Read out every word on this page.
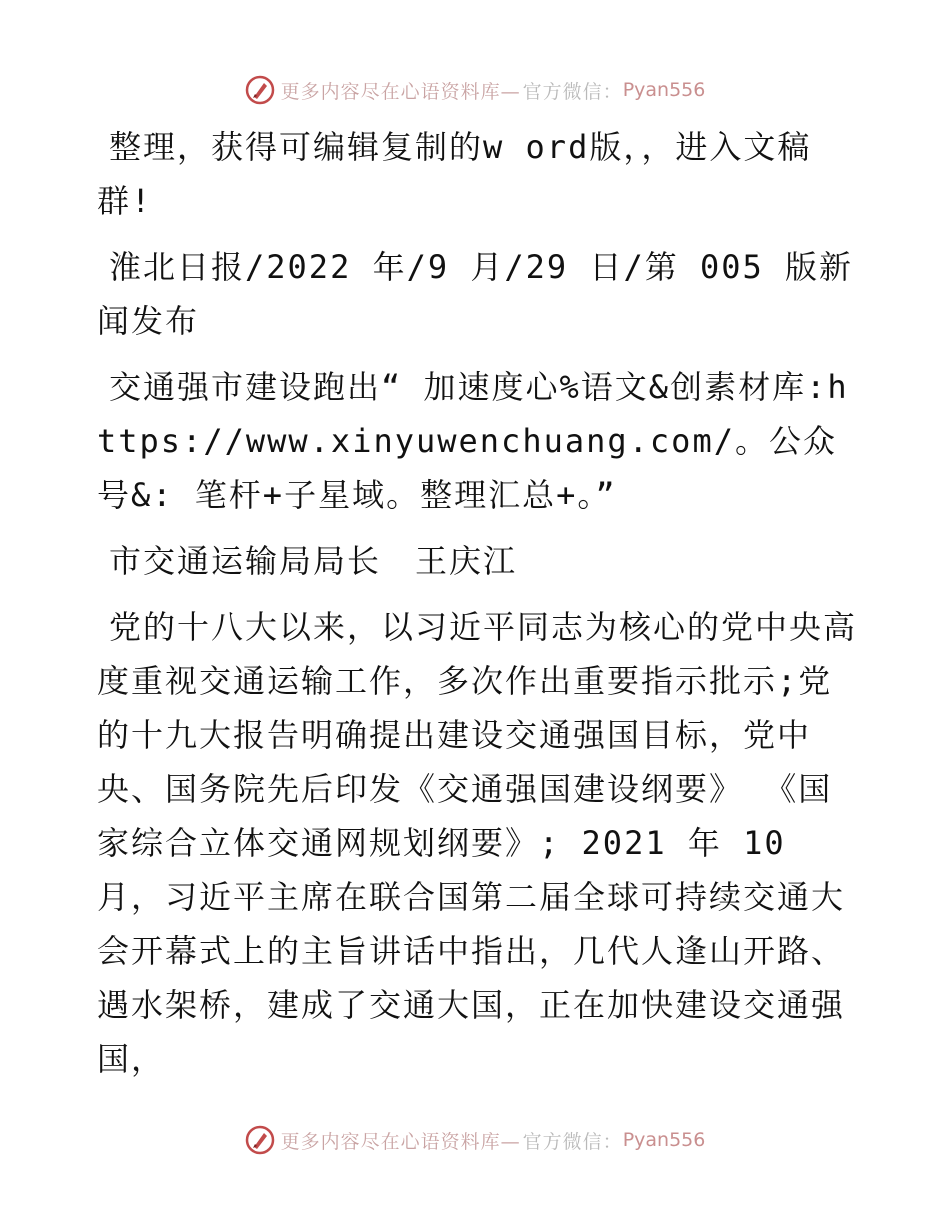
更多内容尽在心语资料库— 官方微信： Pyan556

整理，获得可编辑复制的w ord版，，进入文稿群!

淮北日报/2022 年/9 月/29 日/第 005 版新闻发布

交通强市建设跑出“ 加速度心%语文&创素材库:https://www.xinyuwenchuang.com/。公众号&: 笔杆+子星域。整理汇总+。”

市交通运输局局长　王庆江

党的十八大以来，以习近平同志为核心的党中央高度重视交通运输工作，多次作出重要指示批示;党的十九大报告明确提出建设交通强国目标，党中央、国务院先后印发《交通强国建设纲要》 《国家综合立体交通网规划纲要》; 2021 年 10 月，习近平主席在联合国第二届全球可持续交通大会开幕式上的主旨讲话中指出，几代人逢山开路、遇水架桥，建成了交通大国，正在加快建设交通强国，

更多内容尽在心语资料库— 官方微信： Pyan556
